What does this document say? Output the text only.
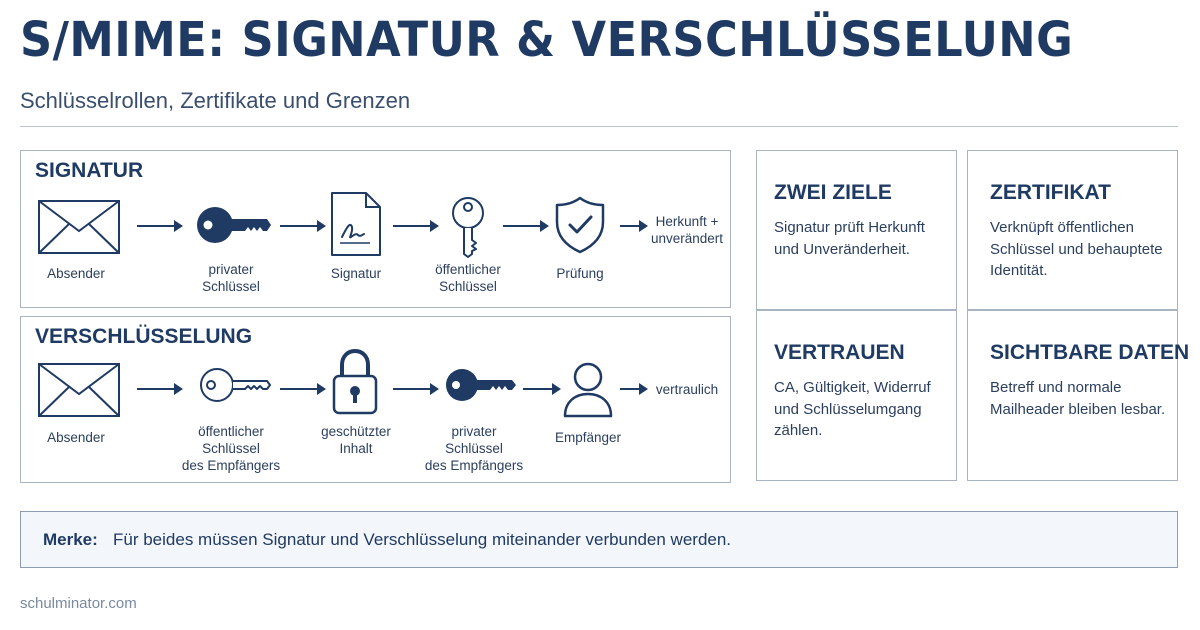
S/MIME: SIGNATUR & VERSCHLÜSSELUNG
Schlüsselrollen, Zertifikate und Grenzen
SIGNATUR
Absender	privater
Schlüssel
Signatur	öffentlicher
Schlüssel
Prüfung
Herkunft +
unverändert
VERSCHLÜSSELUNG
Absender	öffentlicher
Schlüssel
des Empfängers
geschützter
Inhalt
privater
Schlüssel
des Empfängers
Empfänger
vertraulich
ZWEI ZIELE
Signatur prüft Herkunft und Unveränderheit.
ZERTIFIKAT
Verknüpft öffentlichen Schlüssel und behauptete Identität.
VERTRAUEN
CA, Gültigkeit, Widerruf und Schlüsselumgang zählen.
SICHTBARE DATEN
Betreff und normale Mailheader bleiben lesbar.
Merke: Für beides müssen Signatur und Verschlüsselung miteinander verbunden werden.
schulminator.com
